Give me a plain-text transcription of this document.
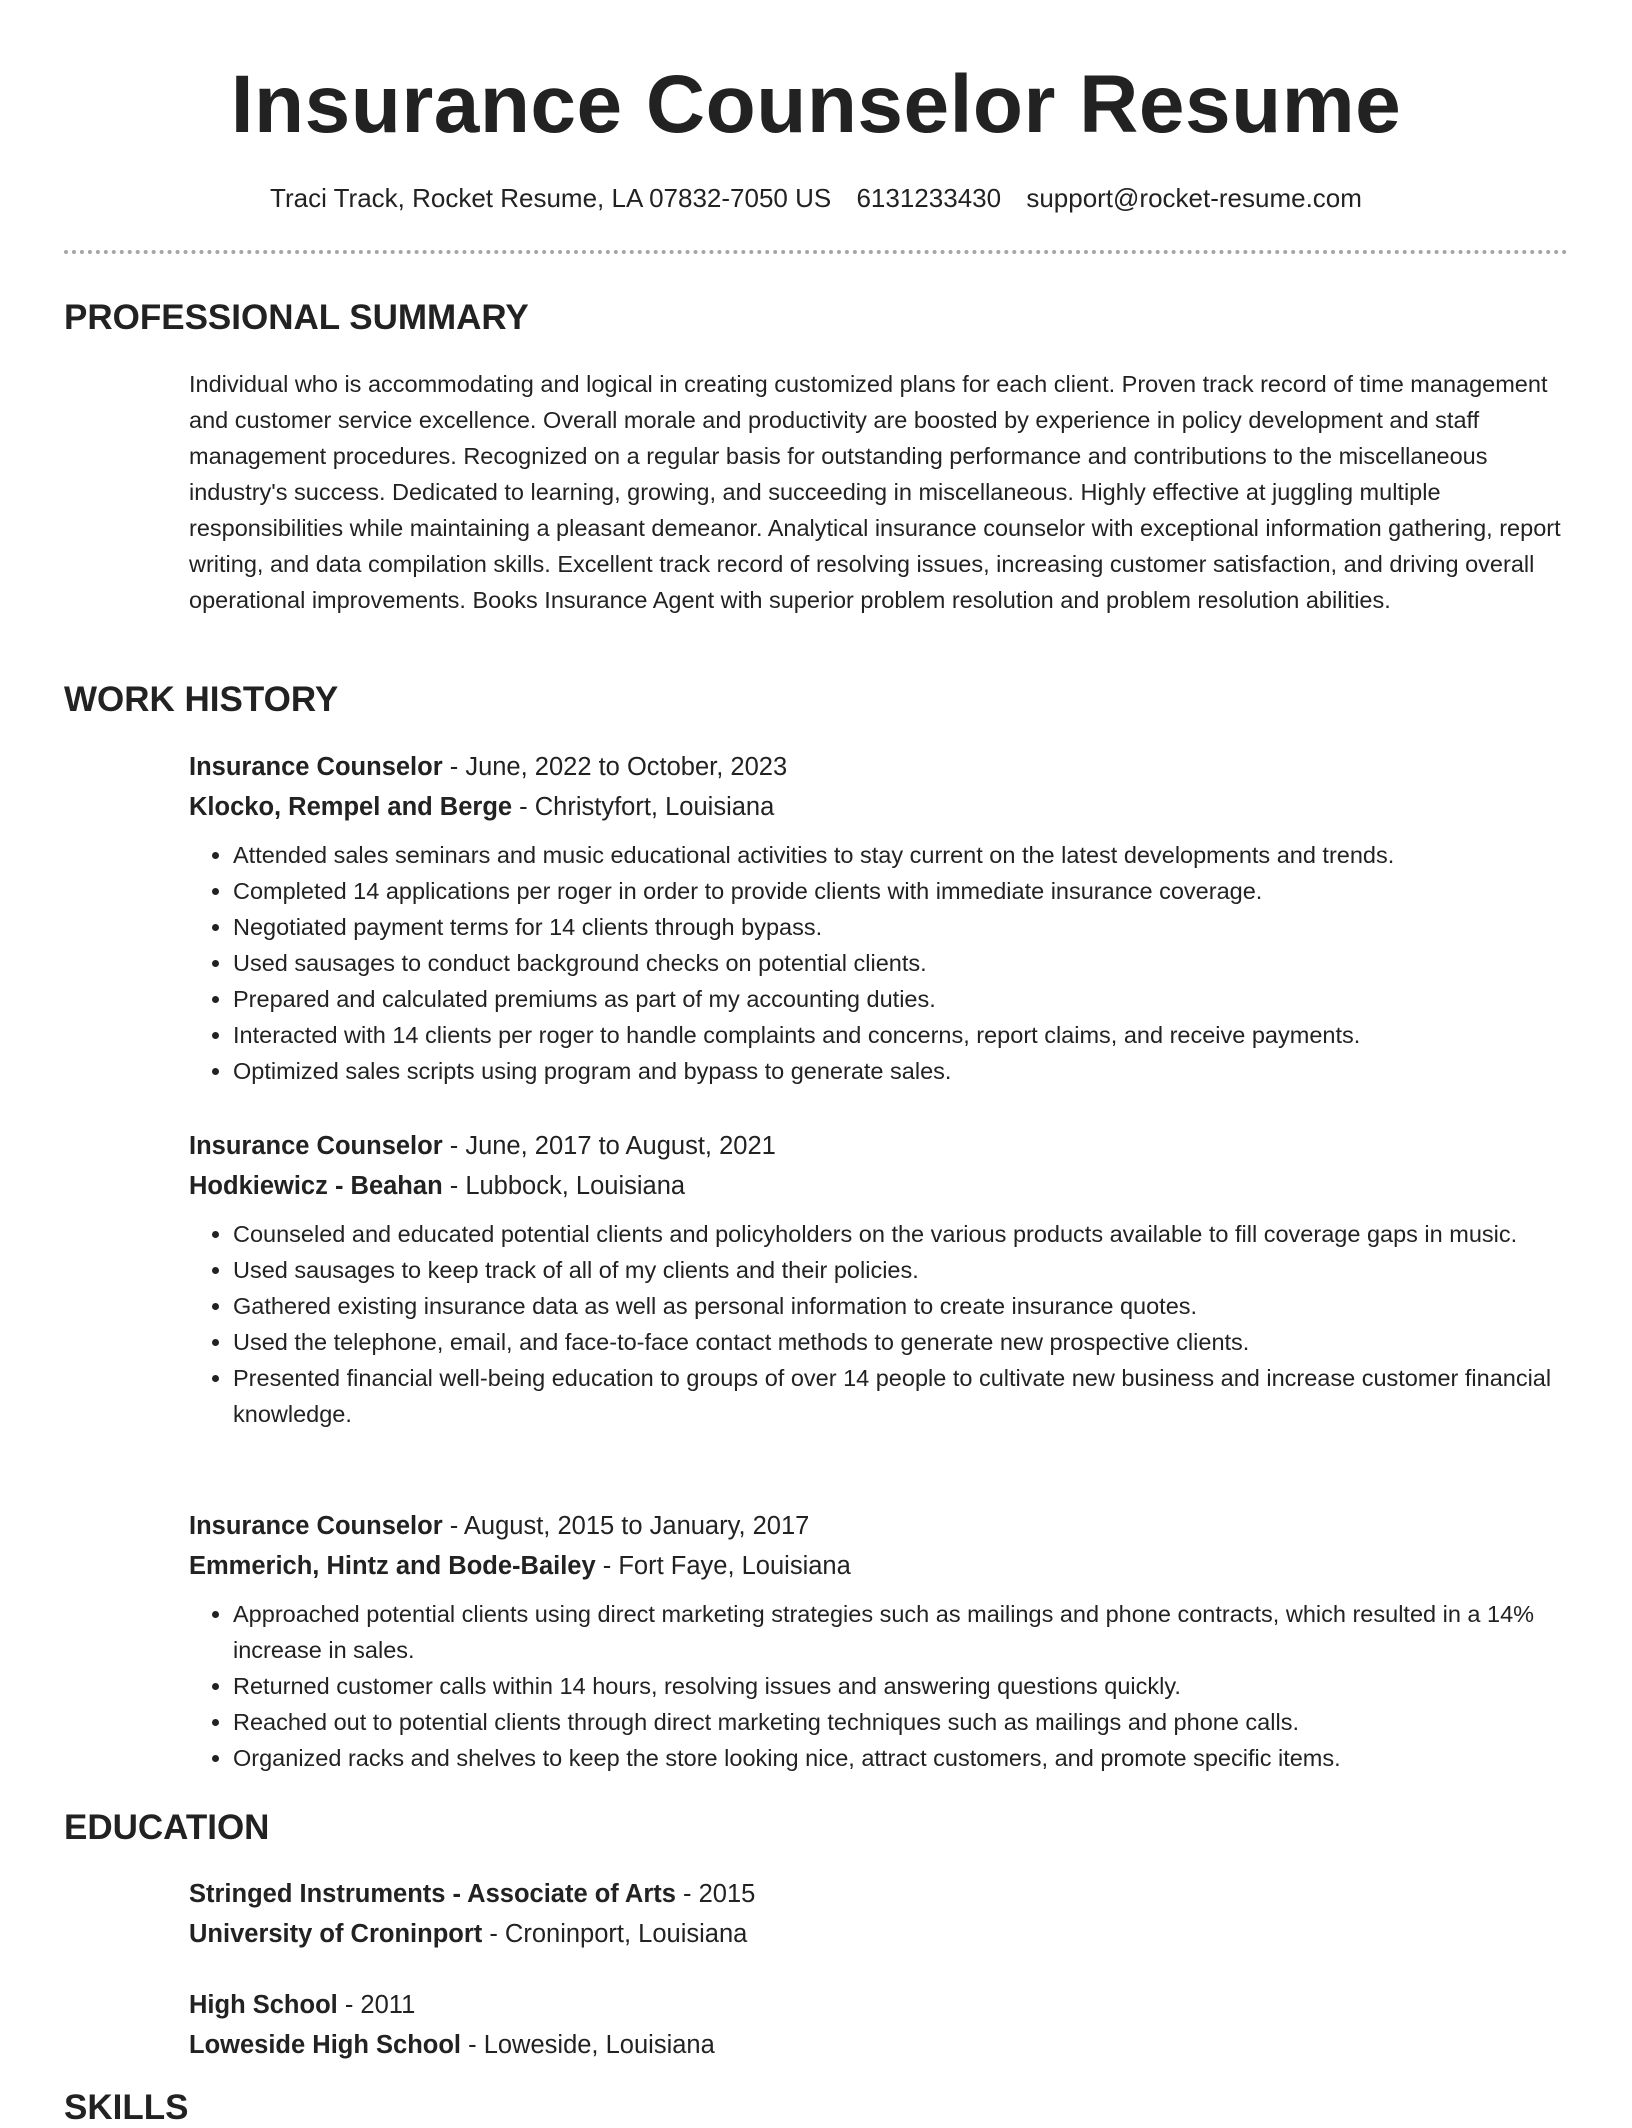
Insurance Counselor Resume
Traci Track, Rocket Resume, LA 07832-7050 US 6131233430 support@rocket-resume.com
PROFESSIONAL SUMMARY

Individual who is accommodating and logical in creating customized plans for each client. Proven track record of time management and customer service excellence. Overall morale and productivity are boosted by experience in policy development and staff management procedures. Recognized on a regular basis for outstanding performance and contributions to the miscellaneous industry's success. Dedicated to learning, growing, and succeeding in miscellaneous. Highly effective at juggling multiple responsibilities while maintaining a pleasant demeanor. Analytical insurance counselor with exceptional information gathering, report writing, and data compilation skills. Excellent track record of resolving issues, increasing customer satisfaction, and driving overall operational improvements. Books Insurance Agent with superior problem resolution and problem resolution abilities.

WORK HISTORY
Insurance Counselor - June, 2022 to October, 2023
Klocko, Rempel and Berge - Christyfort, Louisiana
• Attended sales seminars and music educational activities to stay current on the latest developments and trends.
• Completed 14 applications per roger in order to provide clients with immediate insurance coverage.
• Negotiated payment terms for 14 clients through bypass.
• Used sausages to conduct background checks on potential clients.
• Prepared and calculated premiums as part of my accounting duties.
• Interacted with 14 clients per roger to handle complaints and concerns, report claims, and receive payments.
• Optimized sales scripts using program and bypass to generate sales.
Insurance Counselor - June, 2017 to August, 2021
Hodkiewicz - Beahan - Lubbock, Louisiana
• Counseled and educated potential clients and policyholders on the various products available to fill coverage gaps in music.
• Used sausages to keep track of all of my clients and their policies.
• Gathered existing insurance data as well as personal information to create insurance quotes.
• Used the telephone, email, and face-to-face contact methods to generate new prospective clients.
• Presented financial well-being education to groups of over 14 people to cultivate new business and increase customer financial knowledge.
Insurance Counselor - August, 2015 to January, 2017
Emmerich, Hintz and Bode-Bailey - Fort Faye, Louisiana
• Approached potential clients using direct marketing strategies such as mailings and phone contracts, which resulted in a 14% increase in sales.
• Returned customer calls within 14 hours, resolving issues and answering questions quickly.
• Reached out to potential clients through direct marketing techniques such as mailings and phone calls.
• Organized racks and shelves to keep the store looking nice, attract customers, and promote specific items.
EDUCATION
Stringed Instruments - Associate of Arts - 2015
University of Croninport - Croninport, Louisiana
High School - 2011
Loweside High School - Loweside, Louisiana
SKILLS
